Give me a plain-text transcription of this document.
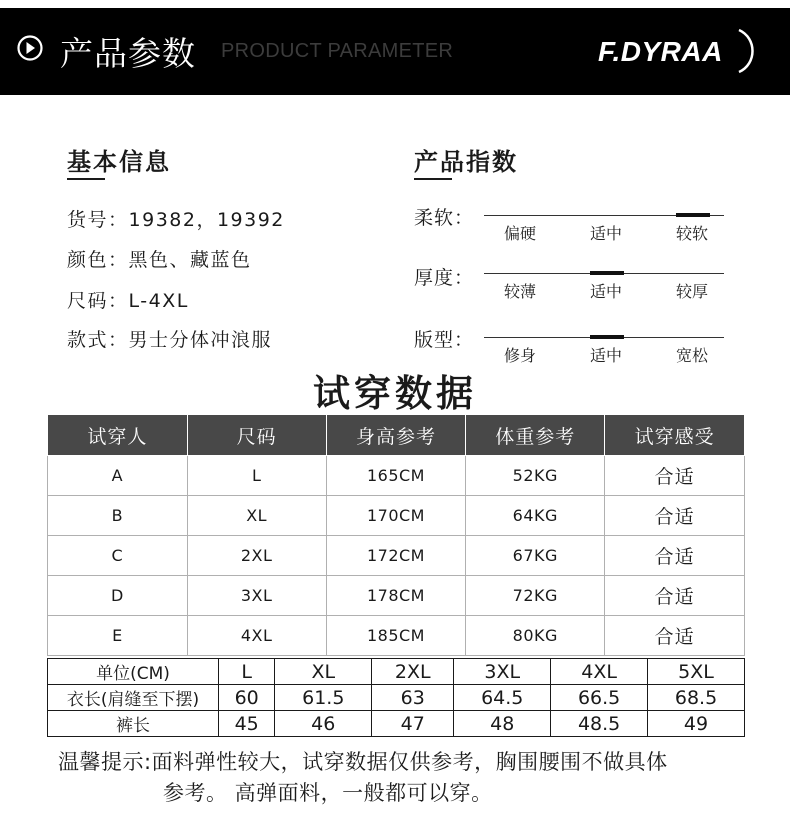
产品参数 PRODUCT PARAMETER	F.DYRAA
基本信息
货号：19382，19392
颜色：黑色、藏蓝色
尺码：L-4XL
款式：男士分体冲浪服
产品指数
柔软：
偏硬	适中	较软
厚度：
较薄	适中	较厚
版型：
修身	适中	宽松
试穿数据
试穿人	尺码	身高参考	体重参考	试穿感受
A	L	165CM	52KG	合适
B	XL	170CM	64KG	合适
C	2XL	172CM	67KG	合适
D	3XL	178CM	72KG	合适
E	4XL	185CM	80KG	合适
单位(CM)	L	XL	2XL	3XL	4XL	5XL
衣长(肩缝至下摆)	60	61.5	63	64.5	66.5	68.5
裤长	45	46	47	48	48.5	49
温馨提示:面料弹性较大，试穿数据仅供参考，胸围腰围不做具体
参考。 高弹面料，一般都可以穿。
